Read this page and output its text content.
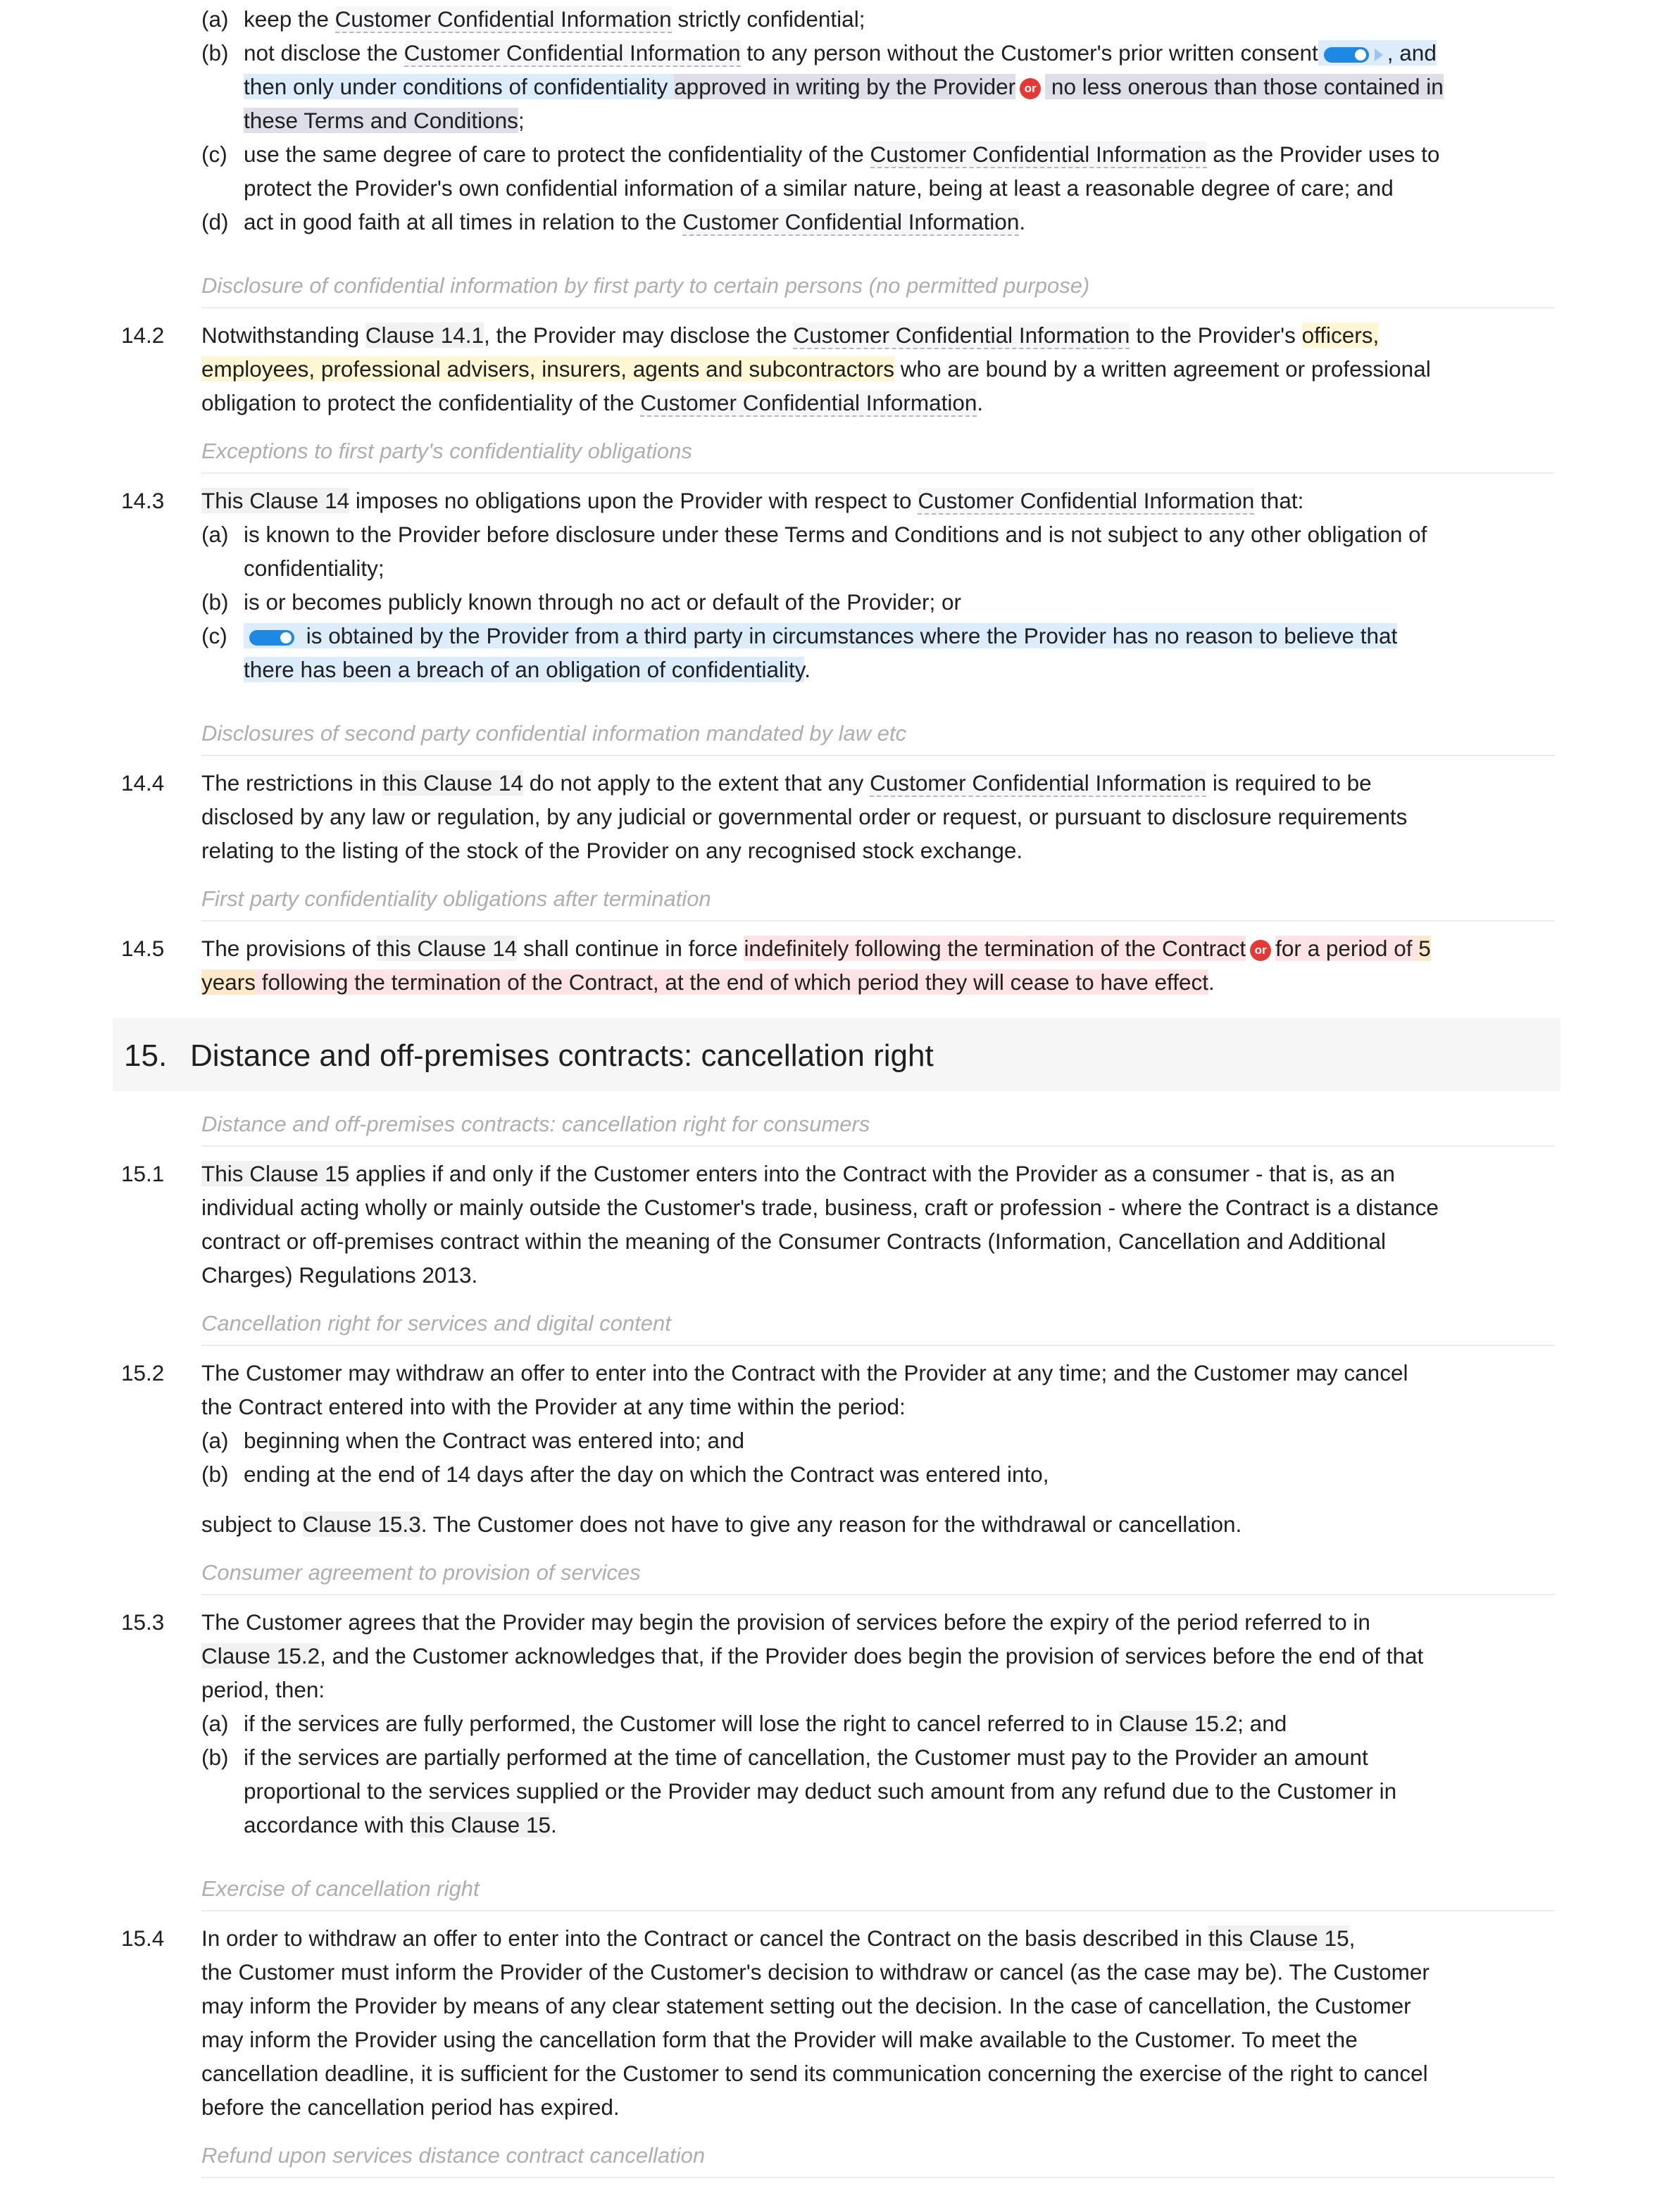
(a) keep the Customer Confidential Information strictly confidential;
(b) not disclose the Customer Confidential Information to any person without the Customer's prior written consent	, and
then only under conditions of confidentiality approved in writing by the Provider or no less onerous than those contained in
these Terms and Conditions;
(c) use the same degree of care to protect the confidentiality of the Customer Confidential Information as the Provider uses to
protect the Provider's own confidential information of a similar nature, being at least a reasonable degree of care; and
(d) act in good faith at all times in relation to the Customer Confidential Information.
Disclosure of confidential information by first party to certain persons (no permitted purpose)
14.2 Notwithstanding Clause 14.1, the Provider may disclose the Customer Confidential Information to the Provider's officers,
employees, professional advisers, insurers, agents and subcontractors who are bound by a written agreement or professional
obligation to protect the confidentiality of the Customer Confidential Information.
Exceptions to first party's confidentiality obligations
14.3 This Clause 14 imposes no obligations upon the Provider with respect to Customer Confidential Information that:
(a) is known to the Provider before disclosure under these Terms and Conditions and is not subject to any other obligation of
confidentiality;
(b) is or becomes publicly known through no act or default of the Provider; or
(c)	is obtained by the Provider from a third party in circumstances where the Provider has no reason to believe that
there has been a breach of an obligation of confidentiality.
Disclosures of second party confidential information mandated by law etc
14.4 The restrictions in this Clause 14 do not apply to the extent that any Customer Confidential Information is required to be
disclosed by any law or regulation, by any judicial or governmental order or request, or pursuant to disclosure requirements
relating to the listing of the stock of the Provider on any recognised stock exchange.
First party confidentiality obligations after termination
14.5 The provisions of this Clause 14 shall continue in force indefinitely following the termination of the Contract or for a period of 5
years following the termination of the Contract, at the end of which period they will cease to have effect.
15. Distance and off-premises contracts: cancellation right
Distance and off-premises contracts: cancellation right for consumers
15.1 This Clause 15 applies if and only if the Customer enters into the Contract with the Provider as a consumer - that is, as an
individual acting wholly or mainly outside the Customer's trade, business, craft or profession - where the Contract is a distance
contract or off-premises contract within the meaning of the Consumer Contracts (Information, Cancellation and Additional
Charges) Regulations 2013.
Cancellation right for services and digital content
15.2 The Customer may withdraw an offer to enter into the Contract with the Provider at any time; and the Customer may cancel
the Contract entered into with the Provider at any time within the period:
(a) beginning when the Contract was entered into; and
(b) ending at the end of 14 days after the day on which the Contract was entered into,
subject to Clause 15.3. The Customer does not have to give any reason for the withdrawal or cancellation.
Consumer agreement to provision of services
15.3 The Customer agrees that the Provider may begin the provision of services before the expiry of the period referred to in
Clause 15.2, and the Customer acknowledges that, if the Provider does begin the provision of services before the end of that
period, then:
(a) if the services are fully performed, the Customer will lose the right to cancel referred to in Clause 15.2; and
(b) if the services are partially performed at the time of cancellation, the Customer must pay to the Provider an amount
proportional to the services supplied or the Provider may deduct such amount from any refund due to the Customer in
accordance with this Clause 15.
Exercise of cancellation right
15.4 In order to withdraw an offer to enter into the Contract or cancel the Contract on the basis described in this Clause 15,
the Customer must inform the Provider of the Customer's decision to withdraw or cancel (as the case may be). The Customer
may inform the Provider by means of any clear statement setting out the decision. In the case of cancellation, the Customer
may inform the Provider using the cancellation form that the Provider will make available to the Customer. To meet the
cancellation deadline, it is sufficient for the Customer to send its communication concerning the exercise of the right to cancel
before the cancellation period has expired.
Refund upon services distance contract cancellation
